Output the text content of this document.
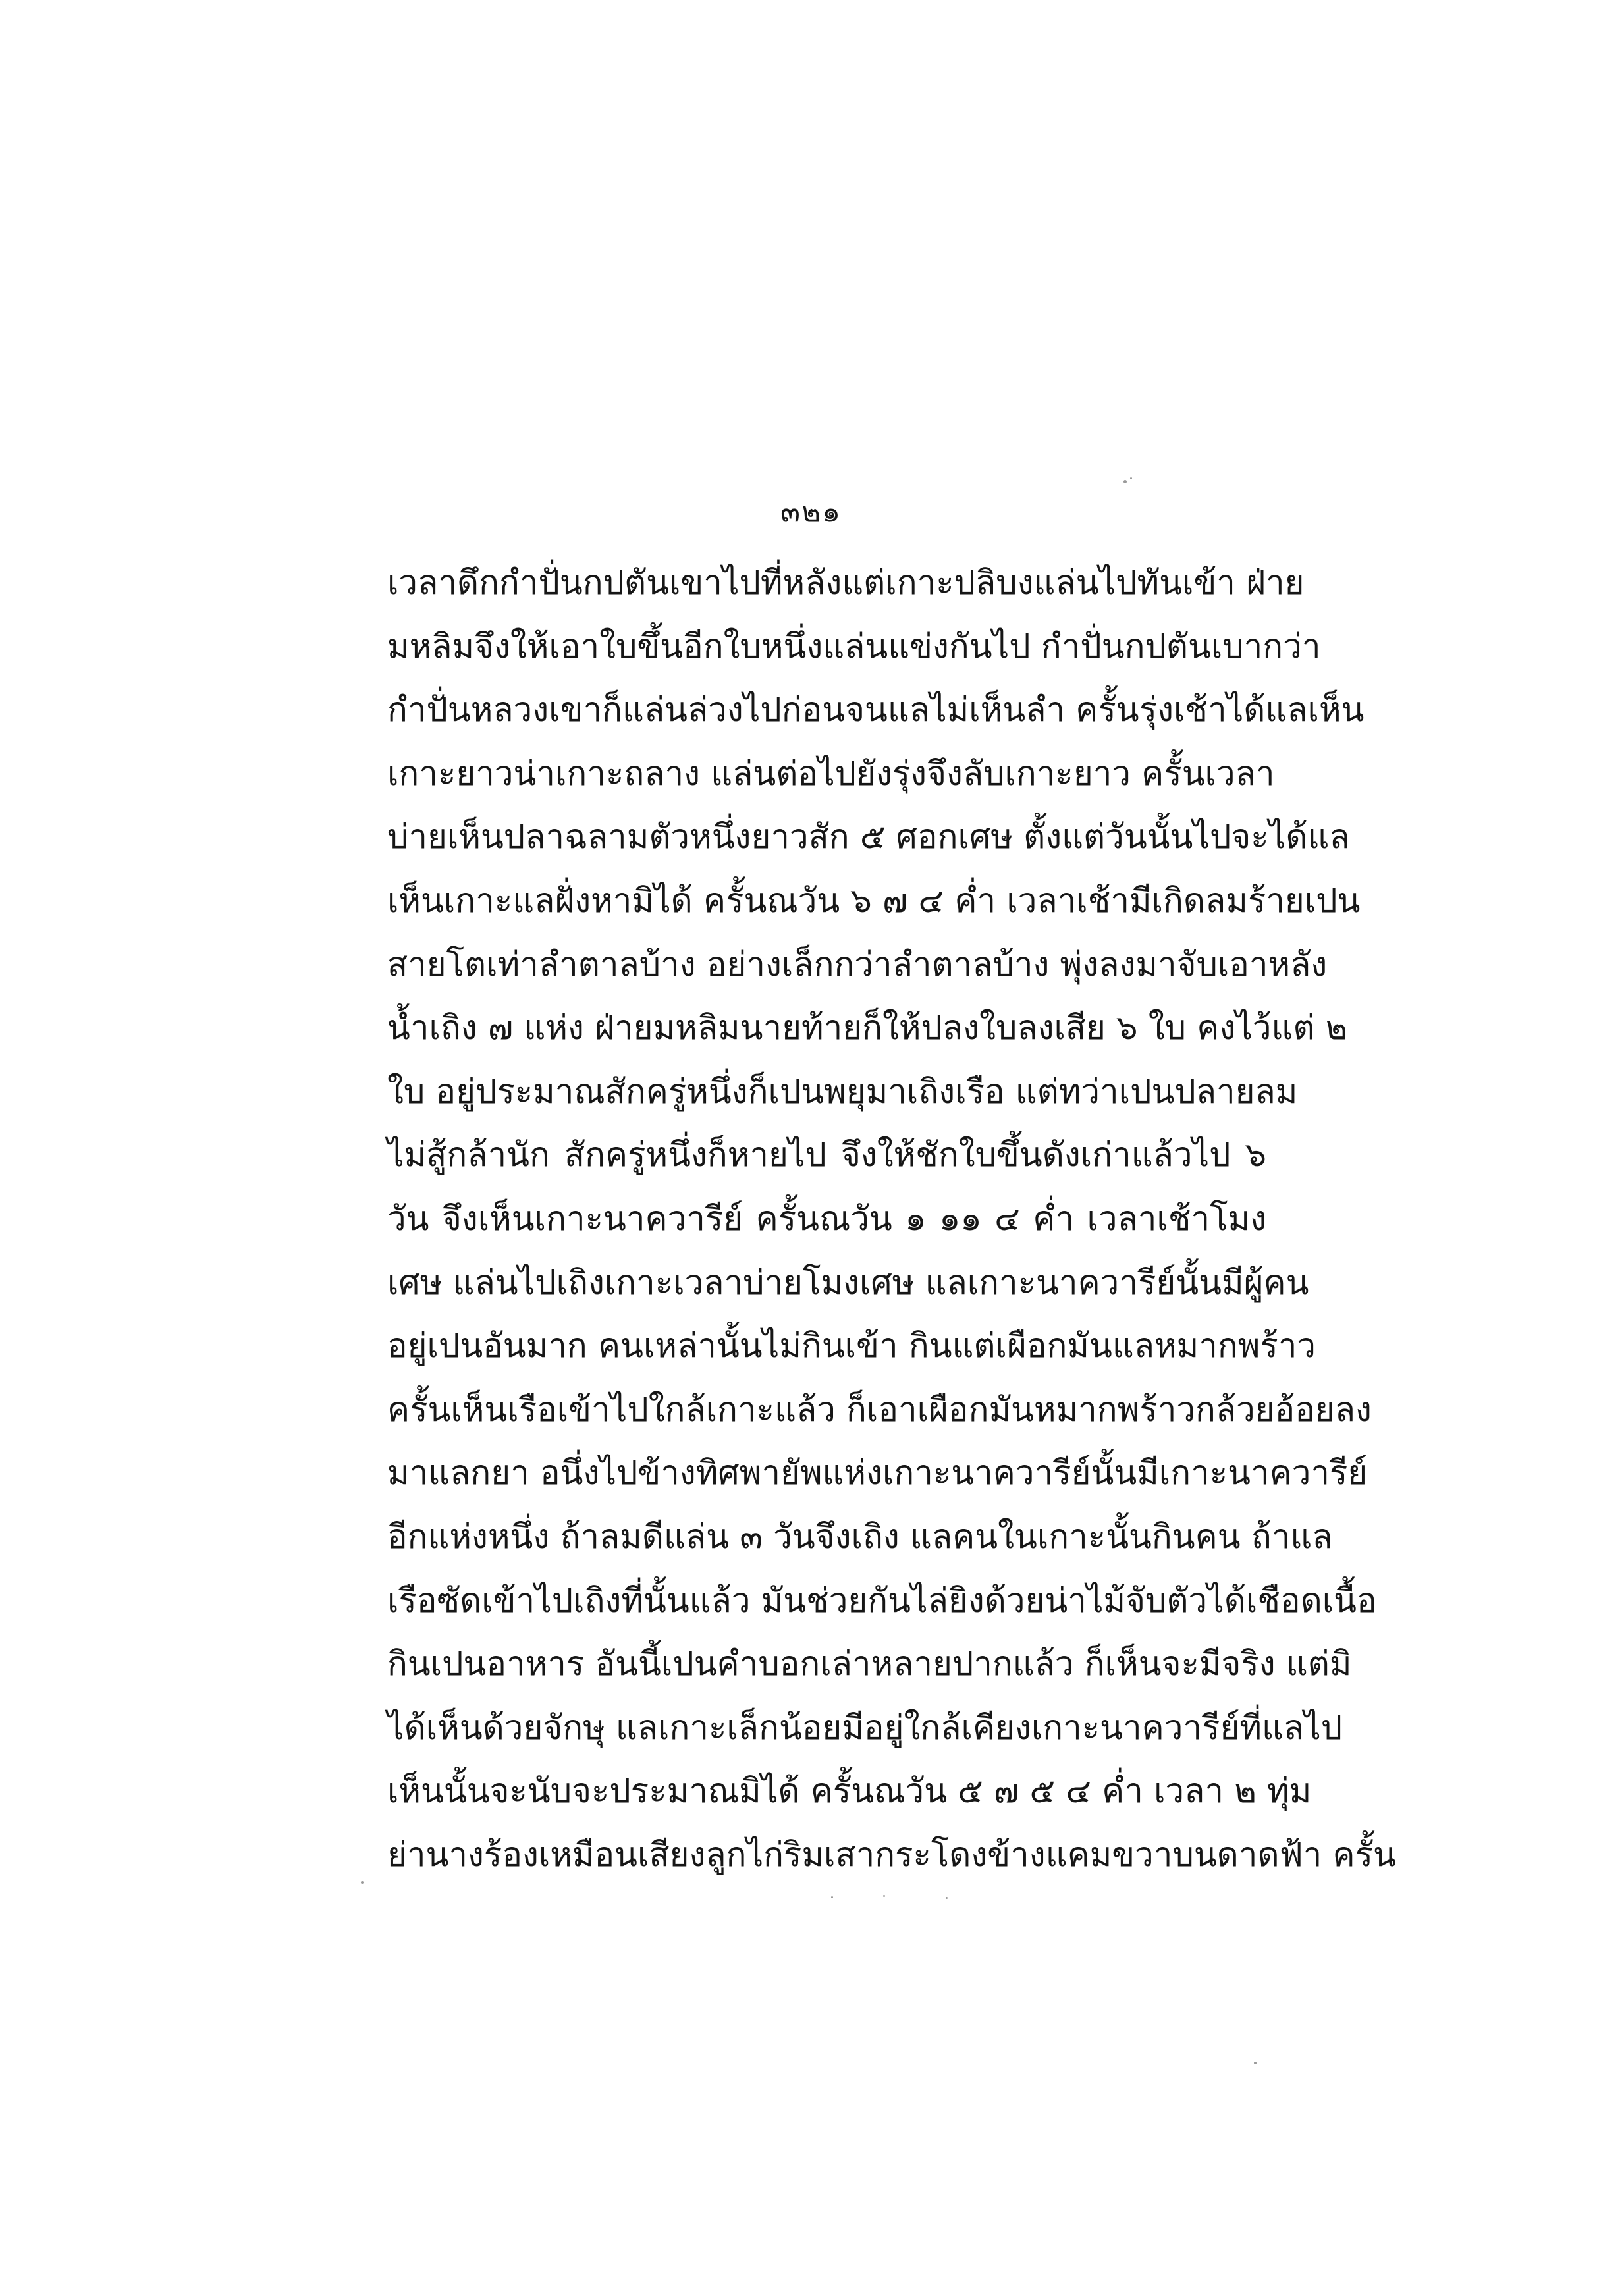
๓๒๑
เวลาดึกกำปั่นกปตันเขาไปที่หลังแต่เกาะปลิบงแล่นไปทันเข้า ฝ่าย
มหลิมจึงให้เอาใบขึ้นอีกใบหนึ่งแล่นแข่งกันไป กำปั่นกปตันเบากว่า
กำปั่นหลวงเขาก็แล่นล่วงไปก่อนจนแลไม่เห็นลำ ครั้นรุ่งเช้าได้แลเห็น
เกาะยาวน่าเกาะถลาง แล่นต่อไปยังรุ่งจึงลับเกาะยาว ครั้นเวลา
บ่ายเห็นปลาฉลามตัวหนึ่งยาวสัก ๕ ศอกเศษ ตั้งแต่วันนั้นไปจะได้แล
เห็นเกาะแลฝั่งหามิได้ ครั้นณวัน ๖ ๗ ๔ ค่ำ เวลาเช้ามีเกิดลมร้ายเปน
สายโตเท่าลำตาลบ้าง อย่างเล็กกว่าลำตาลบ้าง พุ่งลงมาจับเอาหลัง
น้ำเถิง ๗ แห่ง ฝ่ายมหลิมนายท้ายก็ให้ปลงใบลงเสีย ๖ ใบ คงไว้แต่ ๒
ใบ อยู่ประมาณสักครู่หนึ่งก็เปนพยุมาเถิงเรือ แต่ทว่าเปนปลายลม
ไม่สู้กล้านัก สักครู่หนึ่งก็หายไป จึงให้ชักใบขึ้นดังเก่าแล้วไป ๖
วัน จึงเห็นเกาะนาควารีย์ ครั้นณวัน ๑ ๑๑ ๔ ค่ำ เวลาเช้าโมง
เศษ แล่นไปเถิงเกาะเวลาบ่ายโมงเศษ แลเกาะนาควารีย์นั้นมีผู้คน
อยู่เปนอันมาก คนเหล่านั้นไม่กินเข้า กินแต่เผือกมันแลหมากพร้าว
ครั้นเห็นเรือเข้าไปใกล้เกาะแล้ว ก็เอาเผือกมันหมากพร้าวกล้วยอ้อยลง
มาแลกยา อนึ่งไปข้างทิศพายัพแห่งเกาะนาควารีย์นั้นมีเกาะนาควารีย์
อีกแห่งหนึ่ง ถ้าลมดีแล่น ๓ วันจึงเถิง แลคนในเกาะนั้นกินคน ถ้าแล
เรือซัดเข้าไปเถิงที่นั้นแล้ว มันช่วยกันไล่ยิงด้วยน่าไม้จับตัวได้เชือดเนื้อ
กินเปนอาหาร อันนี้เปนคำบอกเล่าหลายปากแล้ว ก็เห็นจะมีจริง แต่มิ
ได้เห็นด้วยจักษุ แลเกาะเล็กน้อยมีอยู่ใกล้เคียงเกาะนาควารีย์ที่แลไป
เห็นนั้นจะนับจะประมาณมิได้ ครั้นณวัน ๕ ๗ ๕ ๔ ค่ำ เวลา ๒ ทุ่ม
ย่านางร้องเหมือนเสียงลูกไก่ริมเสากระโดงข้างแคมขวาบนดาดฟ้า ครั้น
